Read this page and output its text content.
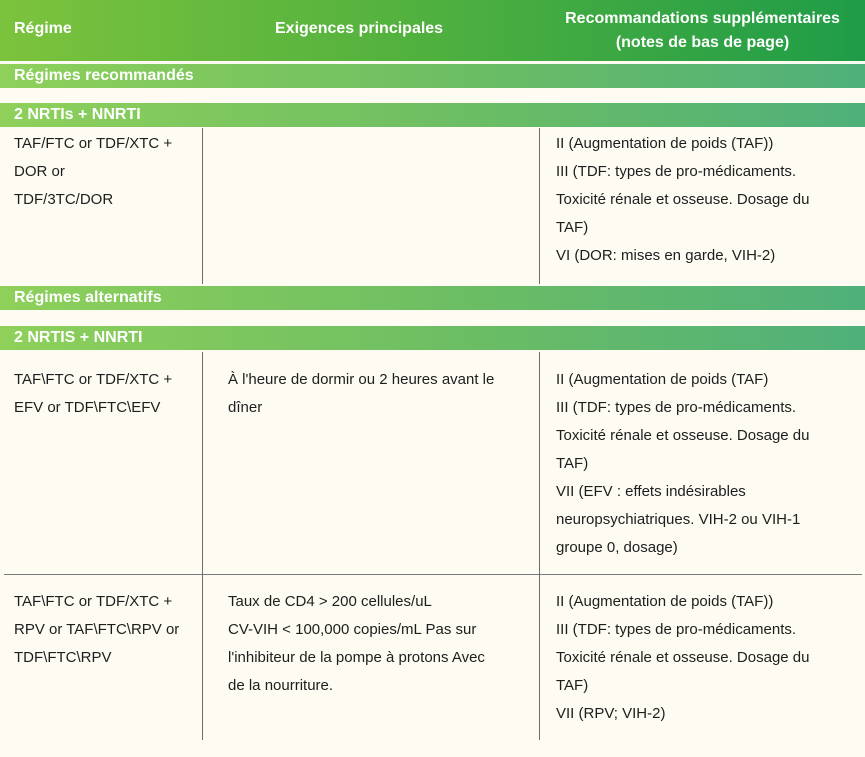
Régime	Exigences principales
Recommandations supplémentaires
(notes de bas de page)
Régimes recommandés
2 NRTIs + NNRTI
TAF/FTC or TDF/XTC +
DOR or
TDF/3TC/DOR
II (Augmentation de poids (TAF))
III (TDF: types de pro-médicaments.
Toxicité rénale et osseuse. Dosage du
TAF)
VI (DOR: mises en garde, VIH-2)
Régimes alternatifs
2 NRTIS + NNRTI
TAF\FTC or TDF/XTC +
EFV or TDF\FTC\EFV
À l'heure de dormir ou 2 heures avant le
dîner
II (Augmentation de poids (TAF)
III (TDF: types de pro-médicaments.
Toxicité rénale et osseuse. Dosage du
TAF)
VII (EFV : effets indésirables
neuropsychiatriques. VIH-2 ou VIH-1
groupe 0, dosage)
TAF\FTC or TDF/XTC +
RPV or TAF\FTC\RPV or
TDF\FTC\RPV
Taux de CD4 > 200 cellules/uL
CV-VIH < 100,000 copies/mL Pas sur
l'inhibiteur de la pompe à protons Avec
de la nourriture.
II (Augmentation de poids (TAF))
III (TDF: types de pro-médicaments.
Toxicité rénale et osseuse. Dosage du
TAF)
VII (RPV; VIH-2)
